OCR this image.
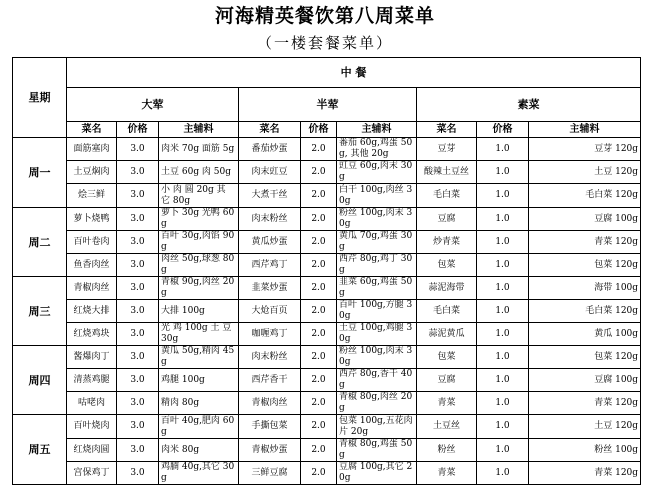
河海精英餐饮第八周菜单
（一楼套餐菜单）
星期	中 餐								
	大荤			半荤			素菜		
	菜名	价格	主辅料	菜名	价格	主辅料	菜名	价格	主辅料
周一	面筋塞肉	3.0	肉米 70g 面筋 5g	番茄炒蛋	2.0	番茄 60g,鸡蛋 50g, 其他 20g	豆芽	1.0	豆芽 120g
	土豆焖肉	3.0	土豆 60g 肉 50g	肉末豇豆	2.0	豇豆 60g,肉末 30g	酸辣土豆丝	1.0	土豆 120g
	烩三鲜	3.0	小 肉 圆 20g 其 它 80g	大煮干丝	2.0	白干 100g,肉丝 30g	毛白菜	1.0	毛白菜 120g
周二	萝卜烧鸭	3.0	萝卜 30g 光鸭 60g	肉末粉丝	2.0	粉丝 100g,肉末 30g	豆腐	1.0	豆腐 100g
	百叶卷肉	3.0	百叶 30g,肉馅 90g	黄瓜炒蛋	2.0	黄瓜 70g,鸡蛋 30g	炒青菜	1.0	青菜 120g
	鱼香肉丝	3.0	肉丝 50g,球葱 80g	西芹鸡丁	2.0	西芹 80g,鸡丁 30g	包菜	1.0	包菜 120g
周三	青椒肉丝	3.0	青椒 90g,肉丝 20g	韭菜炒蛋	2.0	韭菜 60g,鸡蛋 50g	蒜泥海带	1.0	海带 100g
	红烧大排	3.0	大排 100g	大炝百页	2.0	百叶 100g,方腿 30g	毛白菜	1.0	毛白菜 120g
	红烧鸡块	3.0	光 鸡 100g 土 豆 30g	咖喱鸡丁	2.0	土豆 100g,鸡腿 30g	蒜泥黄瓜	1.0	黄瓜 100g
周四	酱爆肉丁	3.0	黄瓜 50g,精肉 45g	肉末粉丝	2.0	粉丝 100g,肉末 30g	包菜	1.0	包菜 120g
	清蒸鸡腿	3.0	鸡腿 100g	西芹香干	2.0	西芹 80g,香干 40g	豆腐	1.0	豆腐 100g
	咕咾肉	3.0	精肉 80g	青椒肉丝	2.0	青椒 80g,肉丝 20g	青菜	1.0	青菜 120g
周五	百叶烧肉	3.0	百叶 40g,肥肉 60g	手撕包菜	2.0	包菜 100g,五花肉 片 20g	土豆丝	1.0	土豆 120g
	红烧肉圆	3.0	肉米 80g	青椒炒蛋	2.0	青椒 80g,鸡蛋 50g	粉丝	1.0	粉丝 100g
	宫保鸡丁	3.0	鸡腩 40g,其它 30g	三鲜豆腐	2.0	豆腐 100g,其它 20g	青菜	1.0	青菜 120g
